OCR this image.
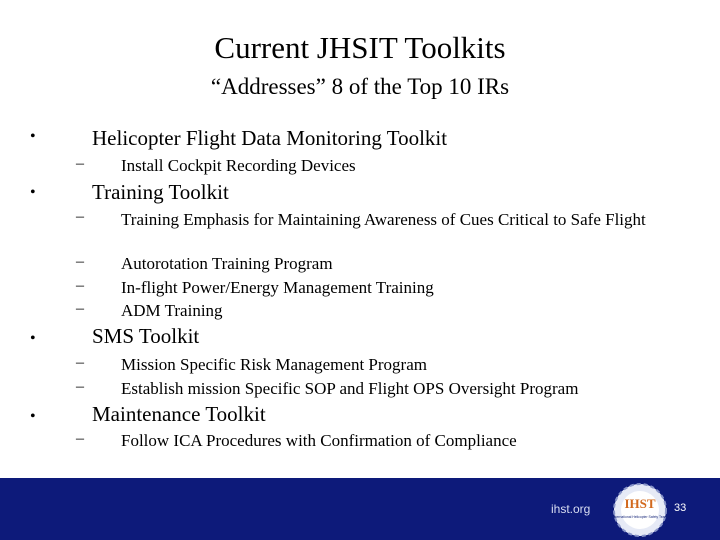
Current JHSIT Toolkits
“Addresses” 8 of the Top 10 IRs
•	Helicopter Flight Data Monitoring Toolkit
– Install Cockpit Recording Devices
•	Training Toolkit
– Training Emphasis for Maintaining Awareness of Cues Critical to Safe Flight
– Autorotation Training Program
– In-flight Power/Energy Management Training
– ADM Training
•	SMS Toolkit
– Mission Specific Risk Management Program
– Establish mission Specific SOP and Flight OPS Oversight Program
•	Maintenance Toolkit
– Follow ICA Procedures with Confirmation of Compliance
ihst.org	IHST
International Helicopter Safety Team
33
